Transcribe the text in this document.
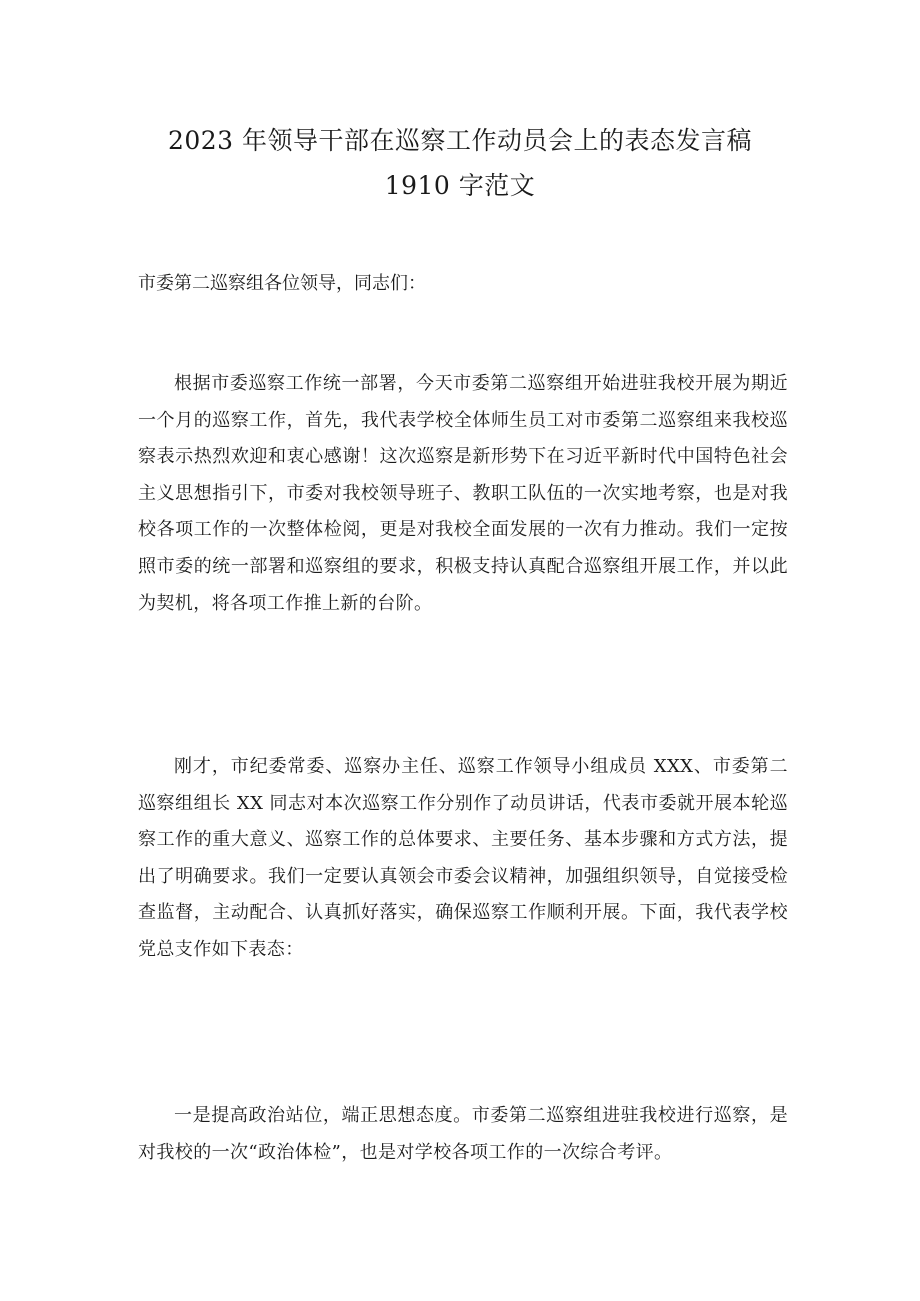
2023 年领导干部在巡察工作动员会上的表态发言稿
1910 字范文

市委第二巡察组各位领导，同志们：

根据市委巡察工作统一部署，今天市委第二巡察组开始进驻我校开展为期近一个月的巡察工作，首先，我代表学校全体师生员工对市委第二巡察组来我校巡察表示热烈欢迎和衷心感谢！这次巡察是新形势下在习近平新时代中国特色社会主义思想指引下，市委对我校领导班子、教职工队伍的一次实地考察，也是对我校各项工作的一次整体检阅，更是对我校全面发展的一次有力推动。我们一定按照市委的统一部署和巡察组的要求，积极支持认真配合巡察组开展工作，并以此为契机，将各项工作推上新的台阶。

刚才，市纪委常委、巡察办主任、巡察工作领导小组成员 XXX、市委第二巡察组组长 XX 同志对本次巡察工作分别作了动员讲话，代表市委就开展本轮巡察工作的重大意义、巡察工作的总体要求、主要任务、基本步骤和方式方法，提出了明确要求。我们一定要认真领会市委会议精神，加强组织领导，自觉接受检查监督，主动配合、认真抓好落实，确保巡察工作顺利开展。下面，我代表学校党总支作如下表态：

一是提高政治站位，端正思想态度。市委第二巡察组进驻我校进行巡察，是对我校的一次“政治体检”，也是对学校各项工作的一次综合考评。
